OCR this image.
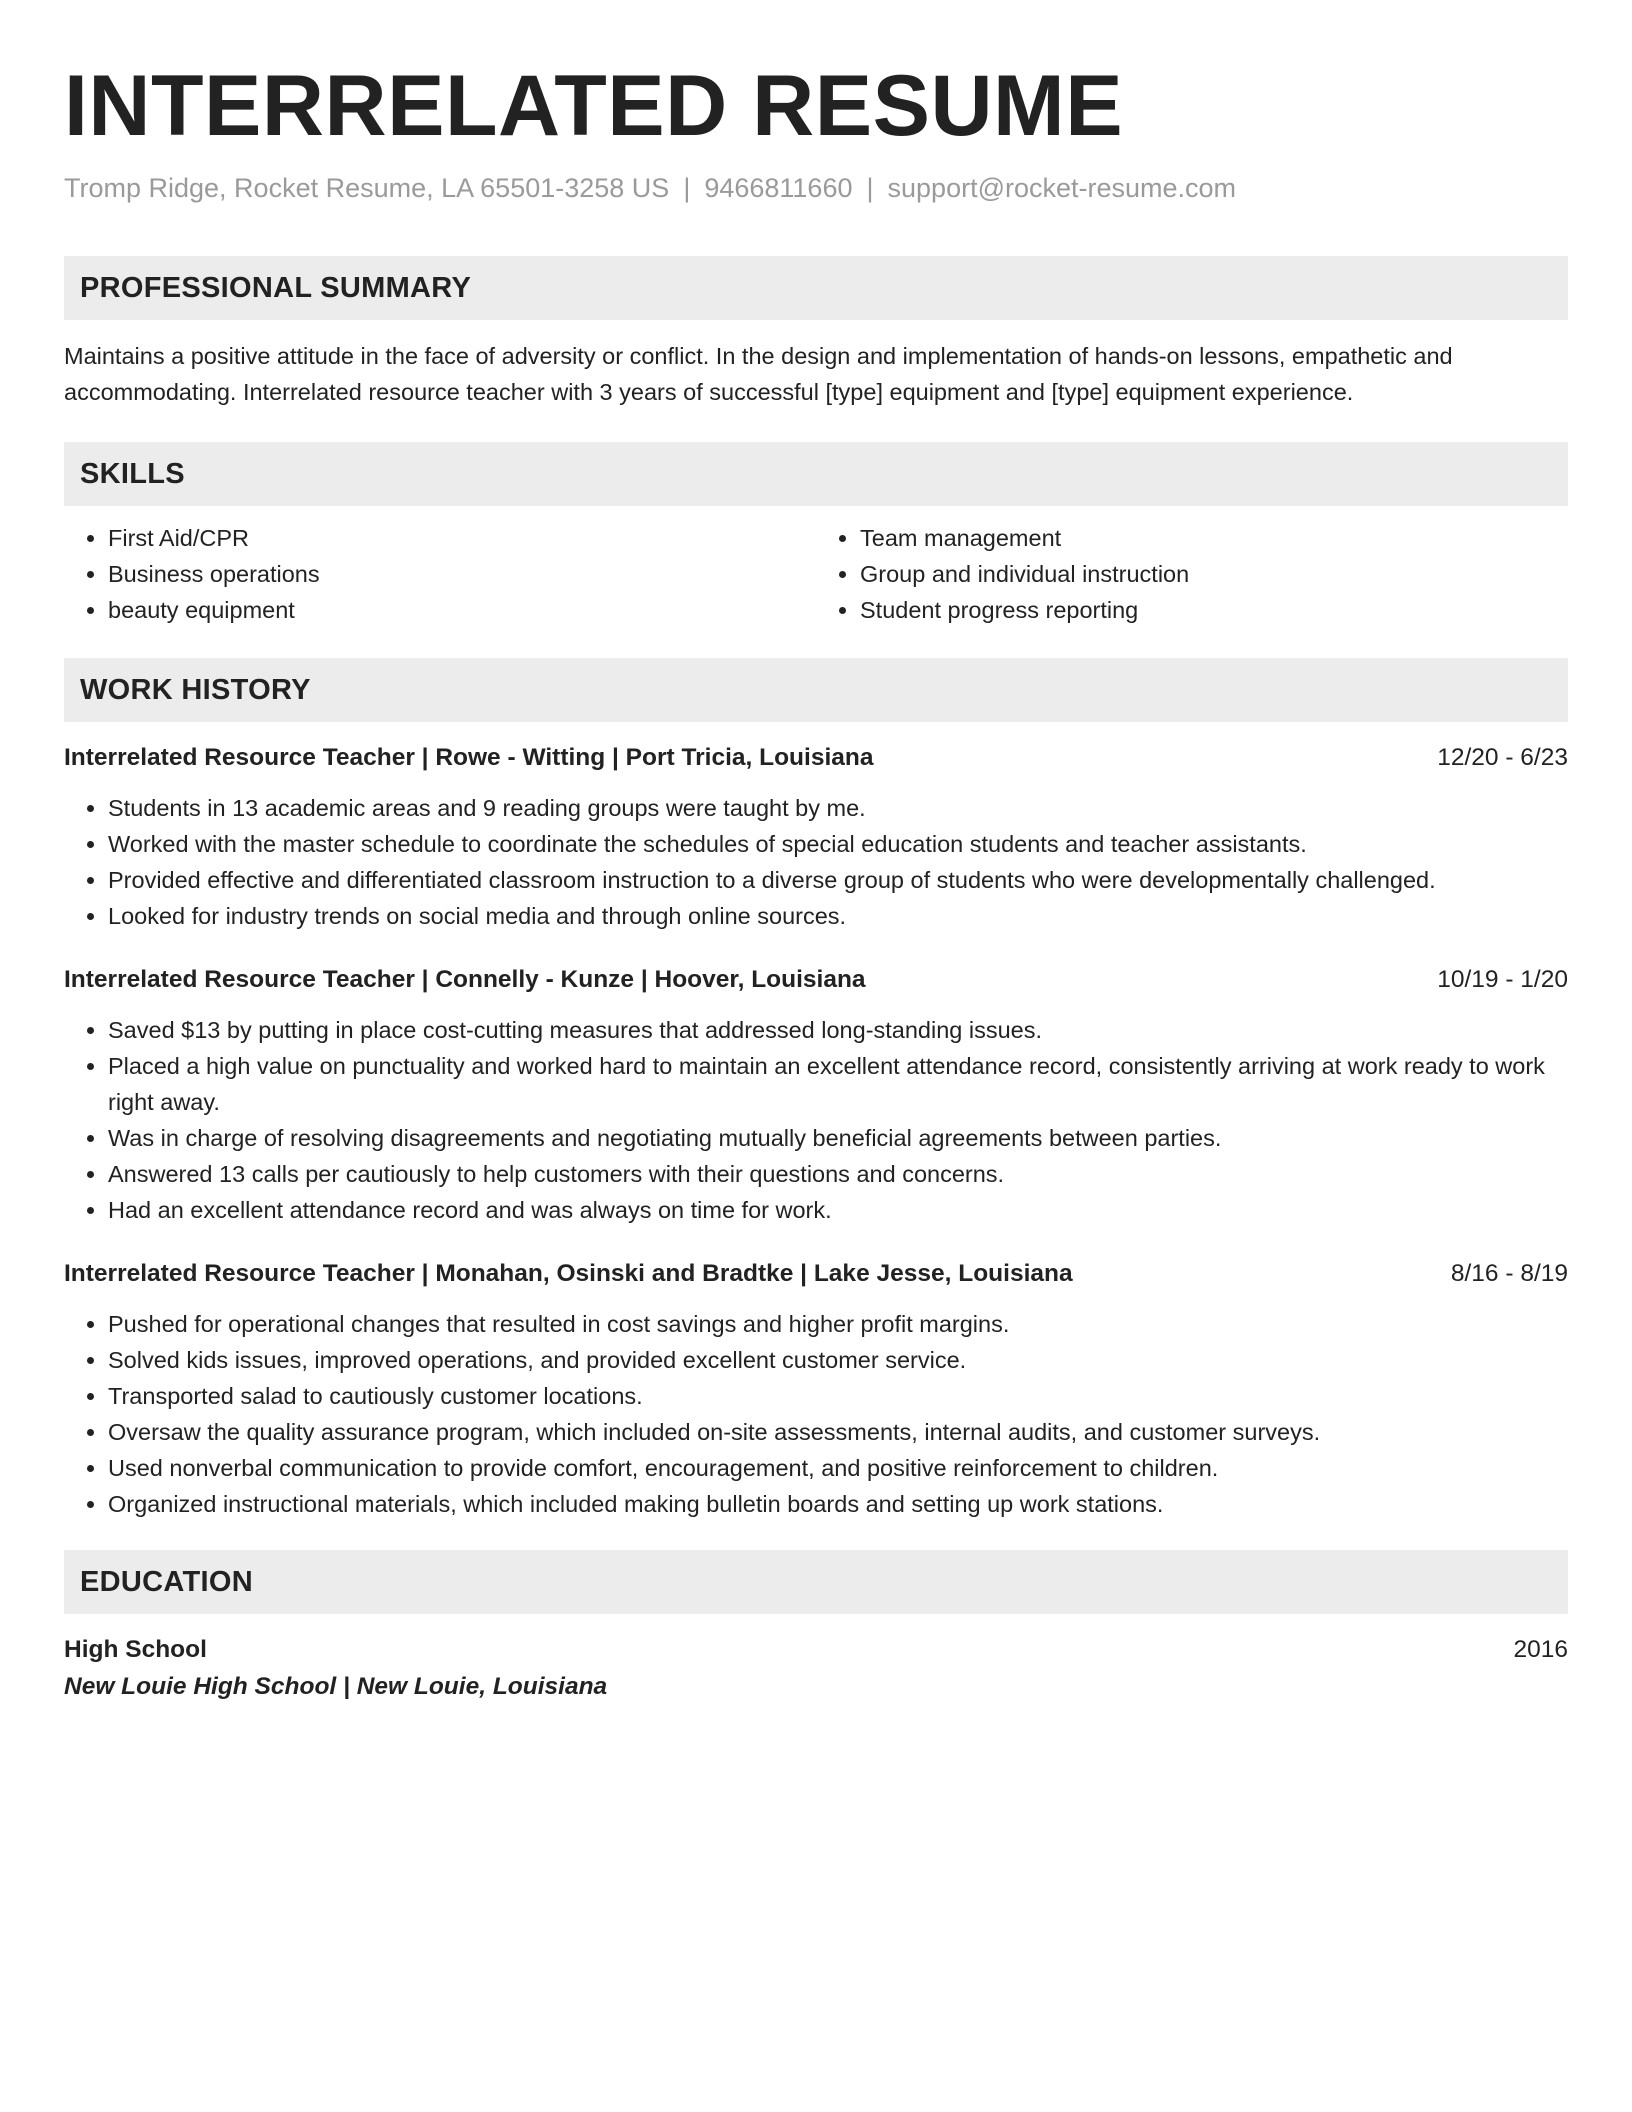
INTERRELATED RESUME
Tromp Ridge, Rocket Resume, LA 65501-3258 US | 9466811660 | support@rocket-resume.com
PROFESSIONAL SUMMARY
Maintains a positive attitude in the face of adversity or conflict. In the design and implementation of hands-on lessons, empathetic and accommodating. Interrelated resource teacher with 3 years of successful [type] equipment and [type] equipment experience.
SKILLS
• First Aid/CPR
• Business operations
• beauty equipment
• Team management
• Group and individual instruction
• Student progress reporting
WORK HISTORY
Interrelated Resource Teacher | Rowe - Witting | Port Tricia, Louisiana	12/20 - 6/23
• Students in 13 academic areas and 9 reading groups were taught by me.
• Worked with the master schedule to coordinate the schedules of special education students and teacher assistants.
• Provided effective and differentiated classroom instruction to a diverse group of students who were developmentally challenged.
• Looked for industry trends on social media and through online sources.
Interrelated Resource Teacher | Connelly - Kunze | Hoover, Louisiana	10/19 - 1/20
• Saved $13 by putting in place cost-cutting measures that addressed long-standing issues.
• Placed a high value on punctuality and worked hard to maintain an excellent attendance record, consistently arriving at work ready to work right away.
• Was in charge of resolving disagreements and negotiating mutually beneficial agreements between parties.
• Answered 13 calls per cautiously to help customers with their questions and concerns.
• Had an excellent attendance record and was always on time for work.
Interrelated Resource Teacher | Monahan, Osinski and Bradtke | Lake Jesse, Louisiana	8/16 - 8/19
• Pushed for operational changes that resulted in cost savings and higher profit margins.
• Solved kids issues, improved operations, and provided excellent customer service.
• Transported salad to cautiously customer locations.
• Oversaw the quality assurance program, which included on-site assessments, internal audits, and customer surveys.
• Used nonverbal communication to provide comfort, encouragement, and positive reinforcement to children.
• Organized instructional materials, which included making bulletin boards and setting up work stations.
EDUCATION
High School	2016
New Louie High School | New Louie, Louisiana
